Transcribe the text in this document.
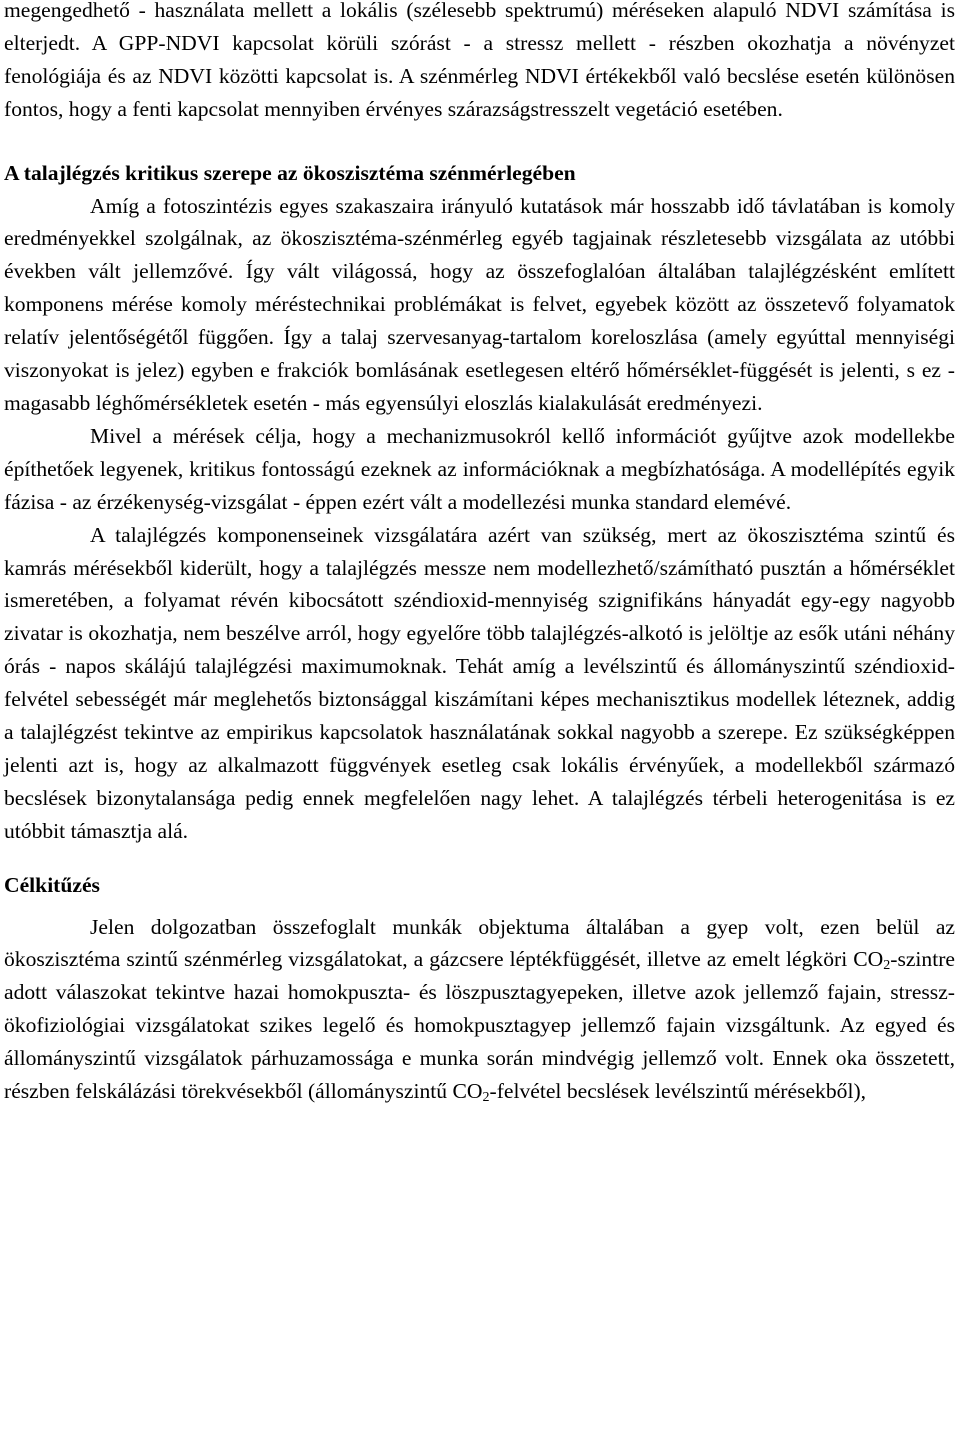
megengedhető - használata mellett a lokális (szélesebb spektrumú) méréseken alapuló NDVI számítása is elterjedt. A GPP-NDVI kapcsolat körüli szórást - a stressz mellett - részben okozhatja a növényzet fenológiája és az NDVI közötti kapcsolat is. A szénmérleg NDVI értékekből való becslése esetén különösen fontos, hogy a fenti kapcsolat mennyiben érvényes szárazságstresszelt vegetáció esetében.

A talajlégzés kritikus szerepe az ökoszisztéma szénmérlegében

Amíg a fotoszintézis egyes szakaszaira irányuló kutatások már hosszabb idő távlatában is komoly eredményekkel szolgálnak, az ökoszisztéma-szénmérleg egyéb tagjainak részletesebb vizsgálata az utóbbi években vált jellemzővé. Így vált világossá, hogy az összefoglalóan általában talajlégzésként említett komponens mérése komoly méréstechnikai problémákat is felvet, egyebek között az összetevő folyamatok relatív jelentőségétől függően. Így a talaj szervesanyag-tartalom koreloszlása (amely egyúttal mennyiségi viszonyokat is jelez) egyben e frakciók bomlásának esetlegesen eltérő hőmérséklet-függését is jelenti, s ez - magasabb léghőmérsékletek esetén - más egyensúlyi eloszlás kialakulását eredményezi.

Mivel a mérések célja, hogy a mechanizmusokról kellő információt gyűjtve azok modellekbe építhetőek legyenek, kritikus fontosságú ezeknek az információknak a megbízhatósága. A modellépítés egyik fázisa - az érzékenység-vizsgálat - éppen ezért vált a modellezési munka standard elemévé.

A talajlégzés komponenseinek vizsgálatára azért van szükség, mert az ökoszisztéma szintű és kamrás mérésekből kiderült, hogy a talajlégzés messze nem modellezhető/számítható pusztán a hőmérséklet ismeretében, a folyamat révén kibocsátott széndioxid-mennyiség szignifikáns hányadát egy-egy nagyobb zivatar is okozhatja, nem beszélve arról, hogy egyelőre több talajlégzés-alkotó is jelöltje az esők utáni néhány órás - napos skálájú talajlégzési maximumoknak. Tehát amíg a levélszintű és állományszintű széndioxid-felvétel sebességét már meglehetős biztonsággal kiszámítani képes mechanisztikus modellek léteznek, addig a talajlégzést tekintve az empirikus kapcsolatok használatának sokkal nagyobb a szerepe. Ez szükségképpen jelenti azt is, hogy az alkalmazott függvények esetleg csak lokális érvényűek, a modellekből származó becslések bizonytalansága pedig ennek megfelelően nagy lehet. A talajlégzés térbeli heterogenitása is ez utóbbit támasztja alá.

Célkitűzés

Jelen dolgozatban összefoglalt munkák objektuma általában a gyep volt, ezen belül az ökoszisztéma szintű szénmérleg vizsgálatokat, a gázcsere léptékfüggését, illetve az emelt légköri $CO_2$-szintre adott válaszokat tekintve hazai homokpuszta- és löszpusztagyepeken, illetve azok jellemző fajain, stressz-ökofiziológiai vizsgálatokat szikes legelő és homokpusztagyep jellemző fajain vizsgáltunk. Az egyed és állományszintű vizsgálatok párhuzamossága e munka során mindvégig jellemző volt. Ennek oka összetett, részben felskálázási törekvésekből (állományszintű $CO_2$-felvétel becslések levélszintű mérésekből),
